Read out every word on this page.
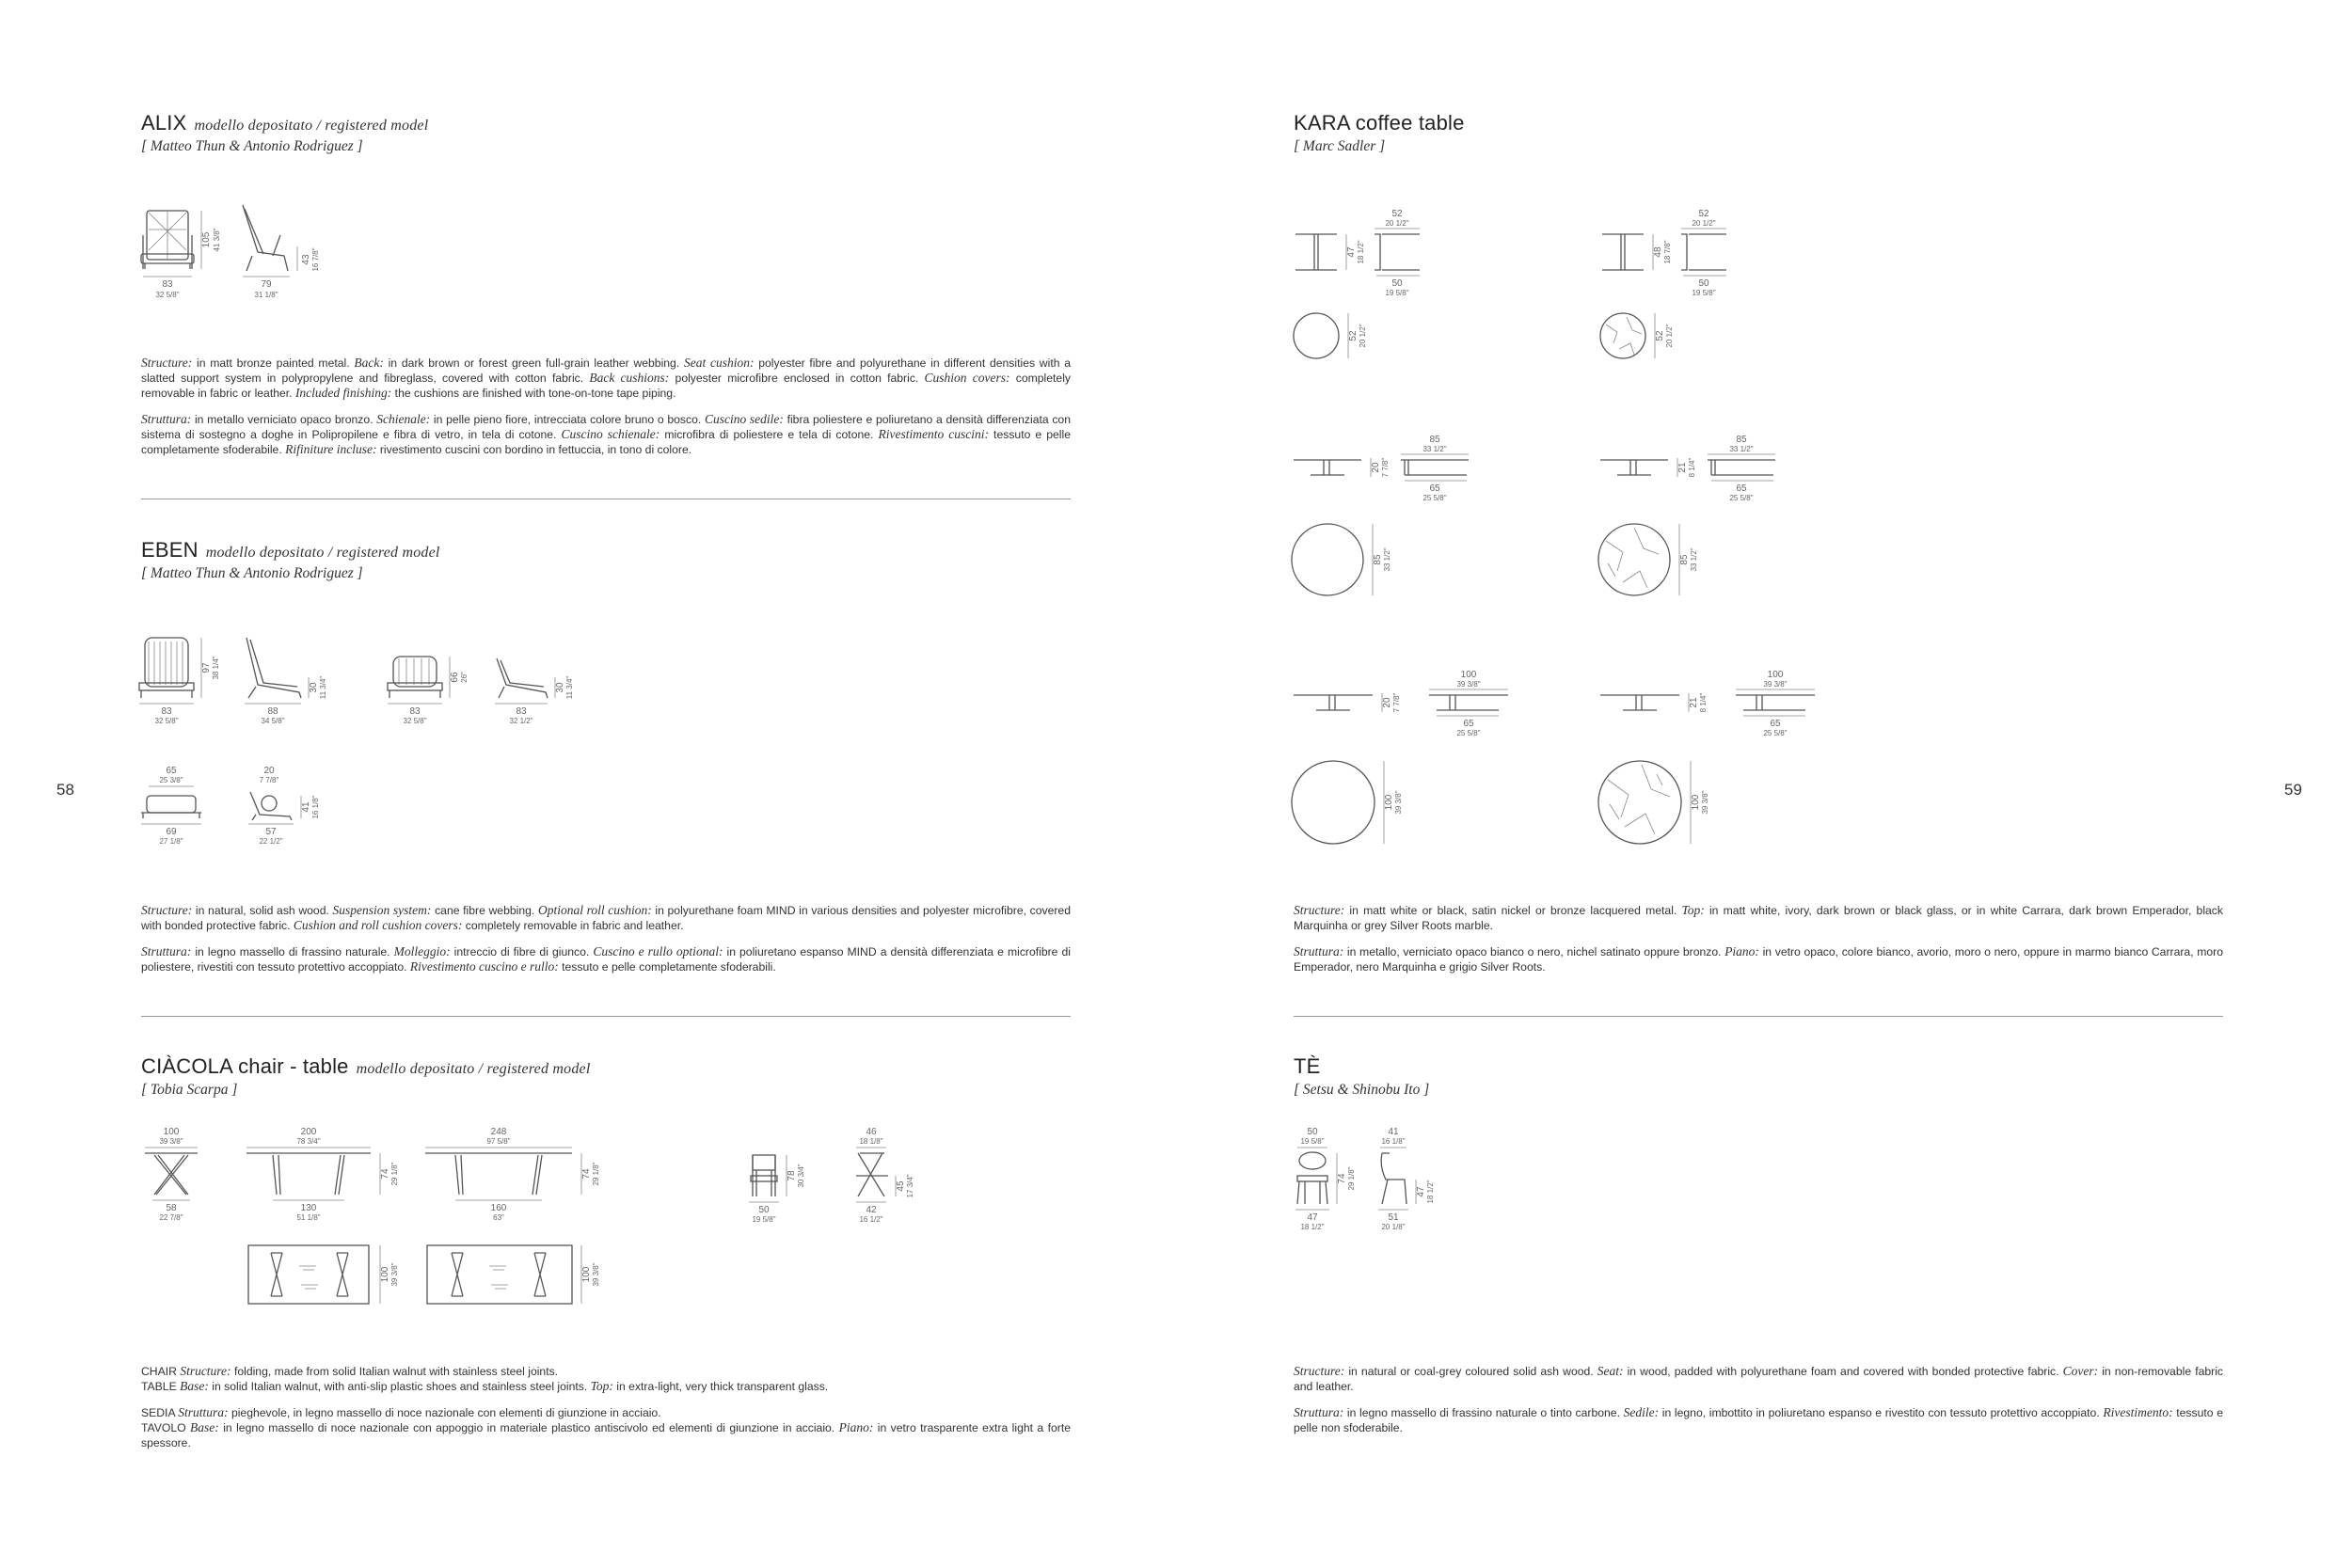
58	59
ALIX modello depositato / registered model
[ Matteo Thun & Antonio Rodriguez ]
83
32 5/8"
105 41 3/8"
79
31 1/8"
43 16 7/8"

Structure: in matt bronze painted metal. Back: in dark brown or forest green full-grain leather webbing. Seat cushion: polyester fibre and polyurethane in different densities with a slatted support system in polypropylene and fibreglass, covered with cotton fabric. Back cushions: polyester microfibre enclosed in cotton fabric. Cushion covers: completely removable in fabric or leather. Included finishing: the cushions are finished with tone-on-tone tape piping.

Struttura: in metallo verniciato opaco bronzo. Schienale: in pelle pieno fiore, intrecciata colore bruno o bosco. Cuscino sedile: fibra poliestere e poliuretano a densità differenziata con sistema di sostegno a doghe in Polipropilene e fibra di vetro, in tela di cotone. Cuscino schienale: microfibra di poliestere e tela di cotone. Rivestimento cuscini: tessuto e pelle completamente sfoderabile. Rifiniture incluse: rivestimento cuscini con bordino in fettuccia, in tono di colore.

EBEN modello depositato / registered model
[ Matteo Thun & Antonio Rodriguez ]
83
32 5/8"
97 38 1/4"
88
34 5/8"
30 11 3/4"
83
32 5/8"
66 26"
83
32 1/2"
30 11 3/4"
65
25 3/8"
69
27 1/8"
20
7 7/8"
57
22 1/2"
41 16 1/8"

Structure: in natural, solid ash wood. Suspension system: cane fibre webbing. Optional roll cushion: in polyurethane foam MIND in various densities and polyester microfibre, covered with bonded protective fabric. Cushion and roll cushion covers: completely removable in fabric and leather.

Struttura: in legno massello di frassino naturale. Molleggio: intreccio di fibre di giunco. Cuscino e rullo optional: in poliuretano espanso MIND a densità differenziata e microfibre di poliestere, rivestiti con tessuto protettivo accoppiato. Rivestimento cuscino e rullo: tessuto e pelle completamente sfoderabili.

CIÀCOLA chair - table modello depositato / registered model
[ Tobia Scarpa ]
100
39 3/8"
58
22 7/8"
200
78 3/4"
130
51 1/8"
74 29 1/8"
100 39 3/8"
248
97 5/8"
160
63"
74 29 1/8"
100 39 3/8"
50
19 5/8"
78 30 3/4"
46
18 1/8"
42
16 1/2"
45 17 3/4"

CHAIR Structure: folding, made from solid Italian walnut with stainless steel joints.
TABLE Base: in solid Italian walnut, with anti-slip plastic shoes and stainless steel joints. Top: in extra-light, very thick transparent glass.

SEDIA Struttura: pieghevole, in legno massello di noce nazionale con elementi di giunzione in acciaio.
TAVOLO Base: in legno massello di noce nazionale con appoggio in materiale plastico antiscivolo ed elementi di giunzione in acciaio. Piano: in vetro trasparente extra light a forte spessore.

KARA coffee table
[ Marc Sadler ]
47 18 1/2"
52
20 1/2"
50
19 5/8"
52 20 1/2"
48 18 7/8"
52
20 1/2"
50
19 5/8"
52 20 1/2"
20 7 7/8"
85
33 1/2"
65
25 5/8"
85 33 1/2"
21 8 1/4"
85
33 1/2"
65
25 5/8"
85 33 1/2"
20 7 7/8"
100
39 3/8"
65
25 5/8"
100 39 3/8"
21 8 1/4"
100
39 3/8"
65
25 5/8"
100 39 3/8"

Structure: in matt white or black, satin nickel or bronze lacquered metal. Top: in matt white, ivory, dark brown or black glass, or in white Carrara, dark brown Emperador, black Marquinha or grey Silver Roots marble.

Struttura: in metallo, verniciato opaco bianco o nero, nichel satinato oppure bronzo. Piano: in vetro opaco, colore bianco, avorio, moro o nero, oppure in marmo bianco Carrara, moro Emperador, nero Marquinha e grigio Silver Roots.

TÈ
[ Setsu & Shinobu Ito ]
50
19 5/8"
47
18 1/2"
74 29 1/8"
41
16 1/8"
51
20 1/8"
47 18 1/2"

Structure: in natural or coal-grey coloured solid ash wood. Seat: in wood, padded with polyurethane foam and covered with bonded protective fabric. Cover: in non-removable fabric and leather.

Struttura: in legno massello di frassino naturale o tinto carbone. Sedile: in legno, imbottito in poliuretano espanso e rivestito con tessuto protettivo accoppiato. Rivestimento: tessuto e pelle non sfoderabile.
